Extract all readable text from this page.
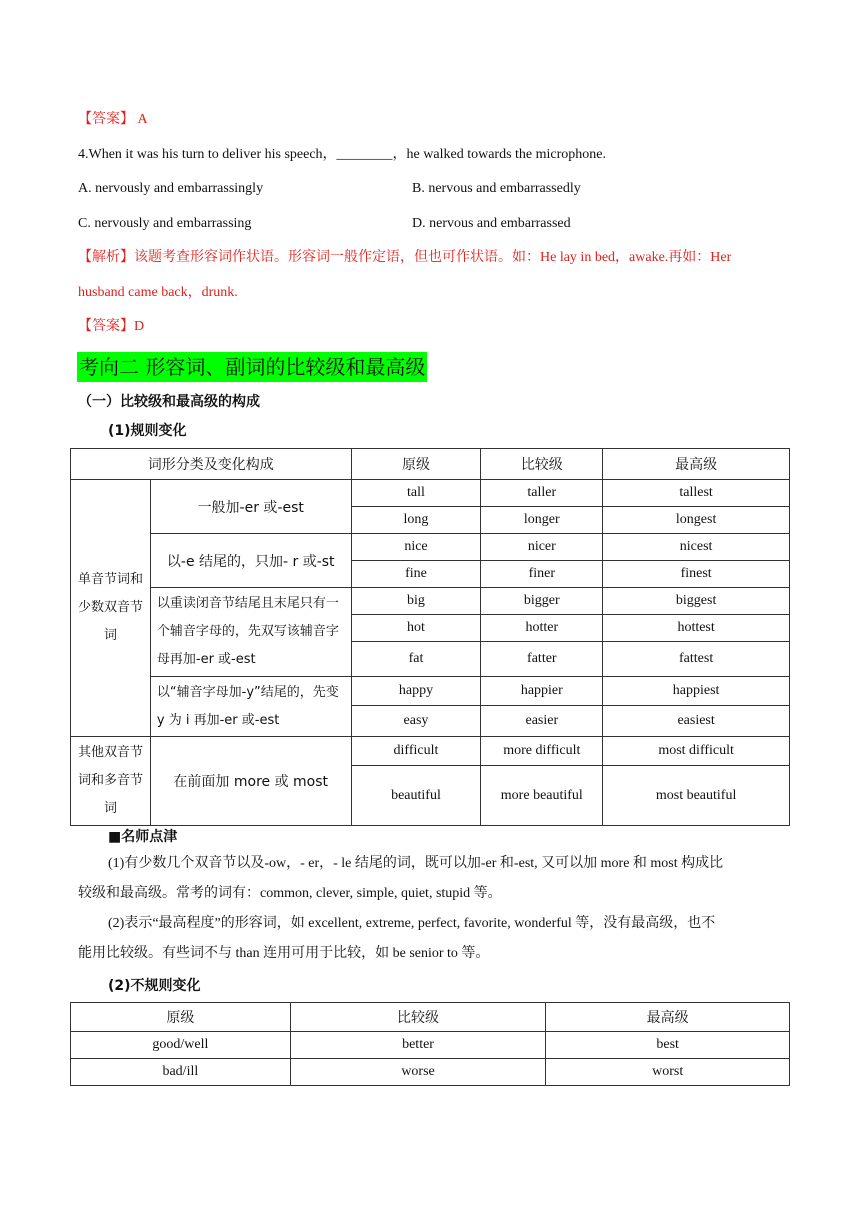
【答案】 A
4.When it was his turn to deliver his speech，________，he walked towards the microphone.
A. nervously and embarrassingly	B. nervous and embarrassedly
C. nervously and embarrassing	D. nervous and embarrassed
【解析】该题考查形容词作状语。形容词一般作定语，但也可作状语。如：He lay in bed，awake.再如：Her
husband came back，drunk.
【答案】D
考向二 形容词、副词的比较级和最高级
（一）比较级和最高级的构成
(1)规则变化
词形分类及变化构成		原级	比较级	最高级
单音节词和少数双音节词	一般加-er 或-est	tall	taller	tallest
		long	longer	longest
	以-e 结尾的，只加- r 或-st	nice	nicer	nicest
		fine	finer	finest
	以重读闭音节结尾且末尾只有一个辅音字母的，先双写该辅音字母再加-er 或-est	big	bigger	biggest
		hot	hotter	hottest
		fat	fatter	fattest
	以“辅音字母加-y”结尾的，先变 y 为 i 再加-er 或-est	happy	happier	happiest
		easy	easier	easiest
其他双音节词和多音节词	在前面加 more 或 most	difficult	more difficult	most difficult
		beautiful	more beautiful	most beautiful
■名师点津
(1)有少数几个双音节以及-ow，- er，- le 结尾的词，既可以加-er 和-est, 又可以加 more 和 most 构成比
较级和最高级。常考的词有：common, clever, simple, quiet, stupid 等。
(2)表示“最高程度”的形容词，如 excellent, extreme, perfect, favorite, wonderful 等，没有最高级，也不
能用比较级。有些词不与 than 连用可用于比较，如 be senior to 等。
(2)不规则变化
原级	比较级	最高级
good/well	better	best
bad/ill	worse	worst
